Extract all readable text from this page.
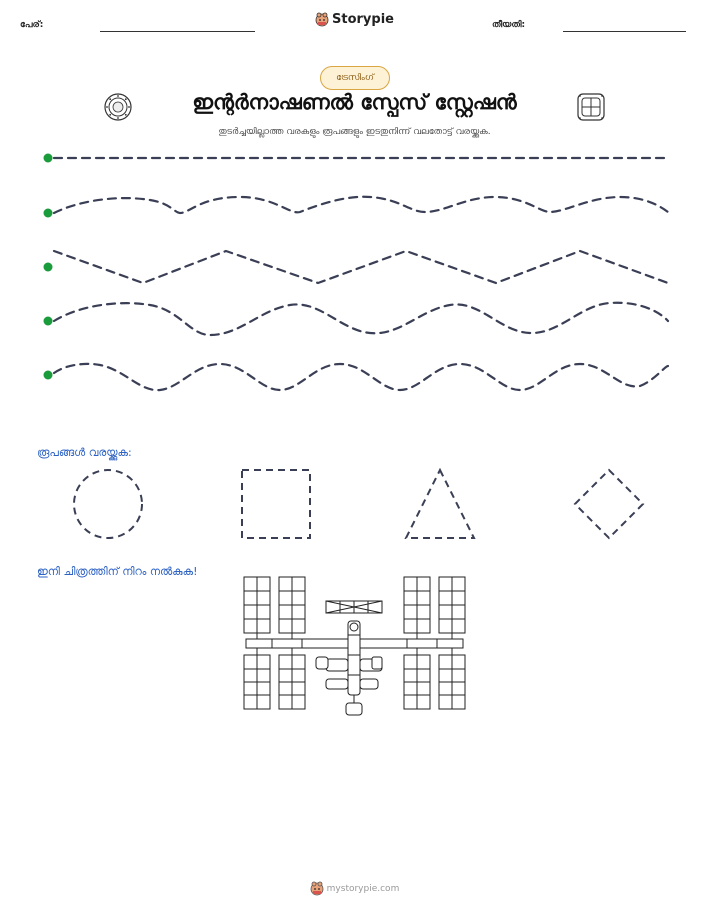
പേര്:	Storypie	തീയതി:
ട്രേസിംഗ്
ഇന്റർനാഷണൽ സ്പേസ് സ്റ്റേഷൻ
തുടർച്ചയില്ലാത്ത വരകളും രൂപങ്ങളും ഇടതുനിന്ന് വലതോട്ട് വരയ്ക്കുക.
രൂപങ്ങൾ വരയ്ക്കുക:
ഇനി ചിത്രത്തിന് നിറം നൽകുക!
mystorypie.com
